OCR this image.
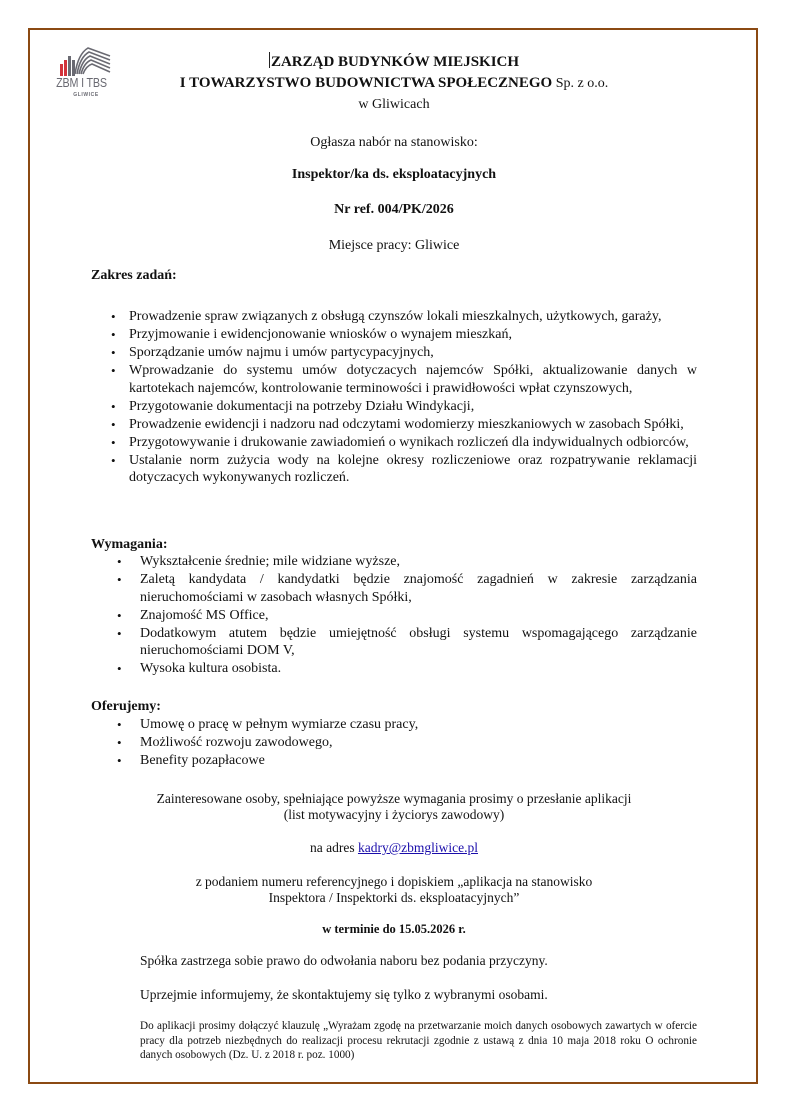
ZBM I TBS
GLIWICE
ZARZĄD BUDYNKÓW MIEJSKICH
I TOWARZYSTWO BUDOWNICTWA SPOŁECZNEGO Sp. z o.o.
w Gliwicach
Ogłasza nabór na stanowisko:
Inspektor/ka ds. eksploatacyjnych
Nr ref. 004/PK/2026
Miejsce pracy: Gliwice
Zakres zadań:
• Prowadzenie spraw związanych z obsługą czynszów lokali mieszkalnych, użytkowych, garaży,
• Przyjmowanie i ewidencjonowanie wniosków o wynajem mieszkań,
• Sporządzanie umów najmu i umów partycypacyjnych,
• Wprowadzanie do systemu umów dotyczacych najemców Spółki, aktualizowanie danych w kartotekach najemców, kontrolowanie terminowości i prawidłowości wpłat czynszowych,
• Przygotowanie dokumentacji na potrzeby Działu Windykacji,
• Prowadzenie ewidencji i nadzoru nad odczytami wodomierzy mieszkaniowych w zasobach Spółki,
• Przygotowywanie i drukowanie zawiadomień o wynikach rozliczeń dla indywidualnych odbiorców,
• Ustalanie norm zużycia wody na kolejne okresy rozliczeniowe oraz rozpatrywanie reklamacji dotyczacych wykonywanych rozliczeń.
Wymagania:
• Wykształcenie średnie; mile widziane wyższe,
• Zaletą kandydata / kandydatki będzie znajomość zagadnień w zakresie zarządzania nieruchomościami w zasobach własnych Spółki,
• Znajomość MS Office,
• Dodatkowym atutem będzie umiejętność obsługi systemu wspomagającego zarządzanie nieruchomościami DOM V,
• Wysoka kultura osobista.
Oferujemy:
• Umowę o pracę w pełnym wymiarze czasu pracy,
• Możliwość rozwoju zawodowego,
• Benefity pozapłacowe
Zainteresowane osoby, spełniające powyższe wymagania prosimy o przesłanie aplikacji
(list motywacyjny i życiorys zawodowy)
na adres kadry@zbmgliwice.pl
z podaniem numeru referencyjnego i dopiskiem „aplikacja na stanowisko
Inspektora / Inspektorki ds. eksploatacyjnych”
w terminie do 15.05.2026 r.
Spółka zastrzega sobie prawo do odwołania naboru bez podania przyczyny.
Uprzejmie informujemy, że skontaktujemy się tylko z wybranymi osobami.
Do aplikacji prosimy dołączyć klauzulę „Wyrażam zgodę na przetwarzanie moich danych osobowych zawartych w ofercie pracy dla potrzeb niezbędnych do realizacji procesu rekrutacji zgodnie z ustawą z dnia 10 maja 2018 roku O ochronie danych osobowych (Dz. U. z 2018 r. poz. 1000)
